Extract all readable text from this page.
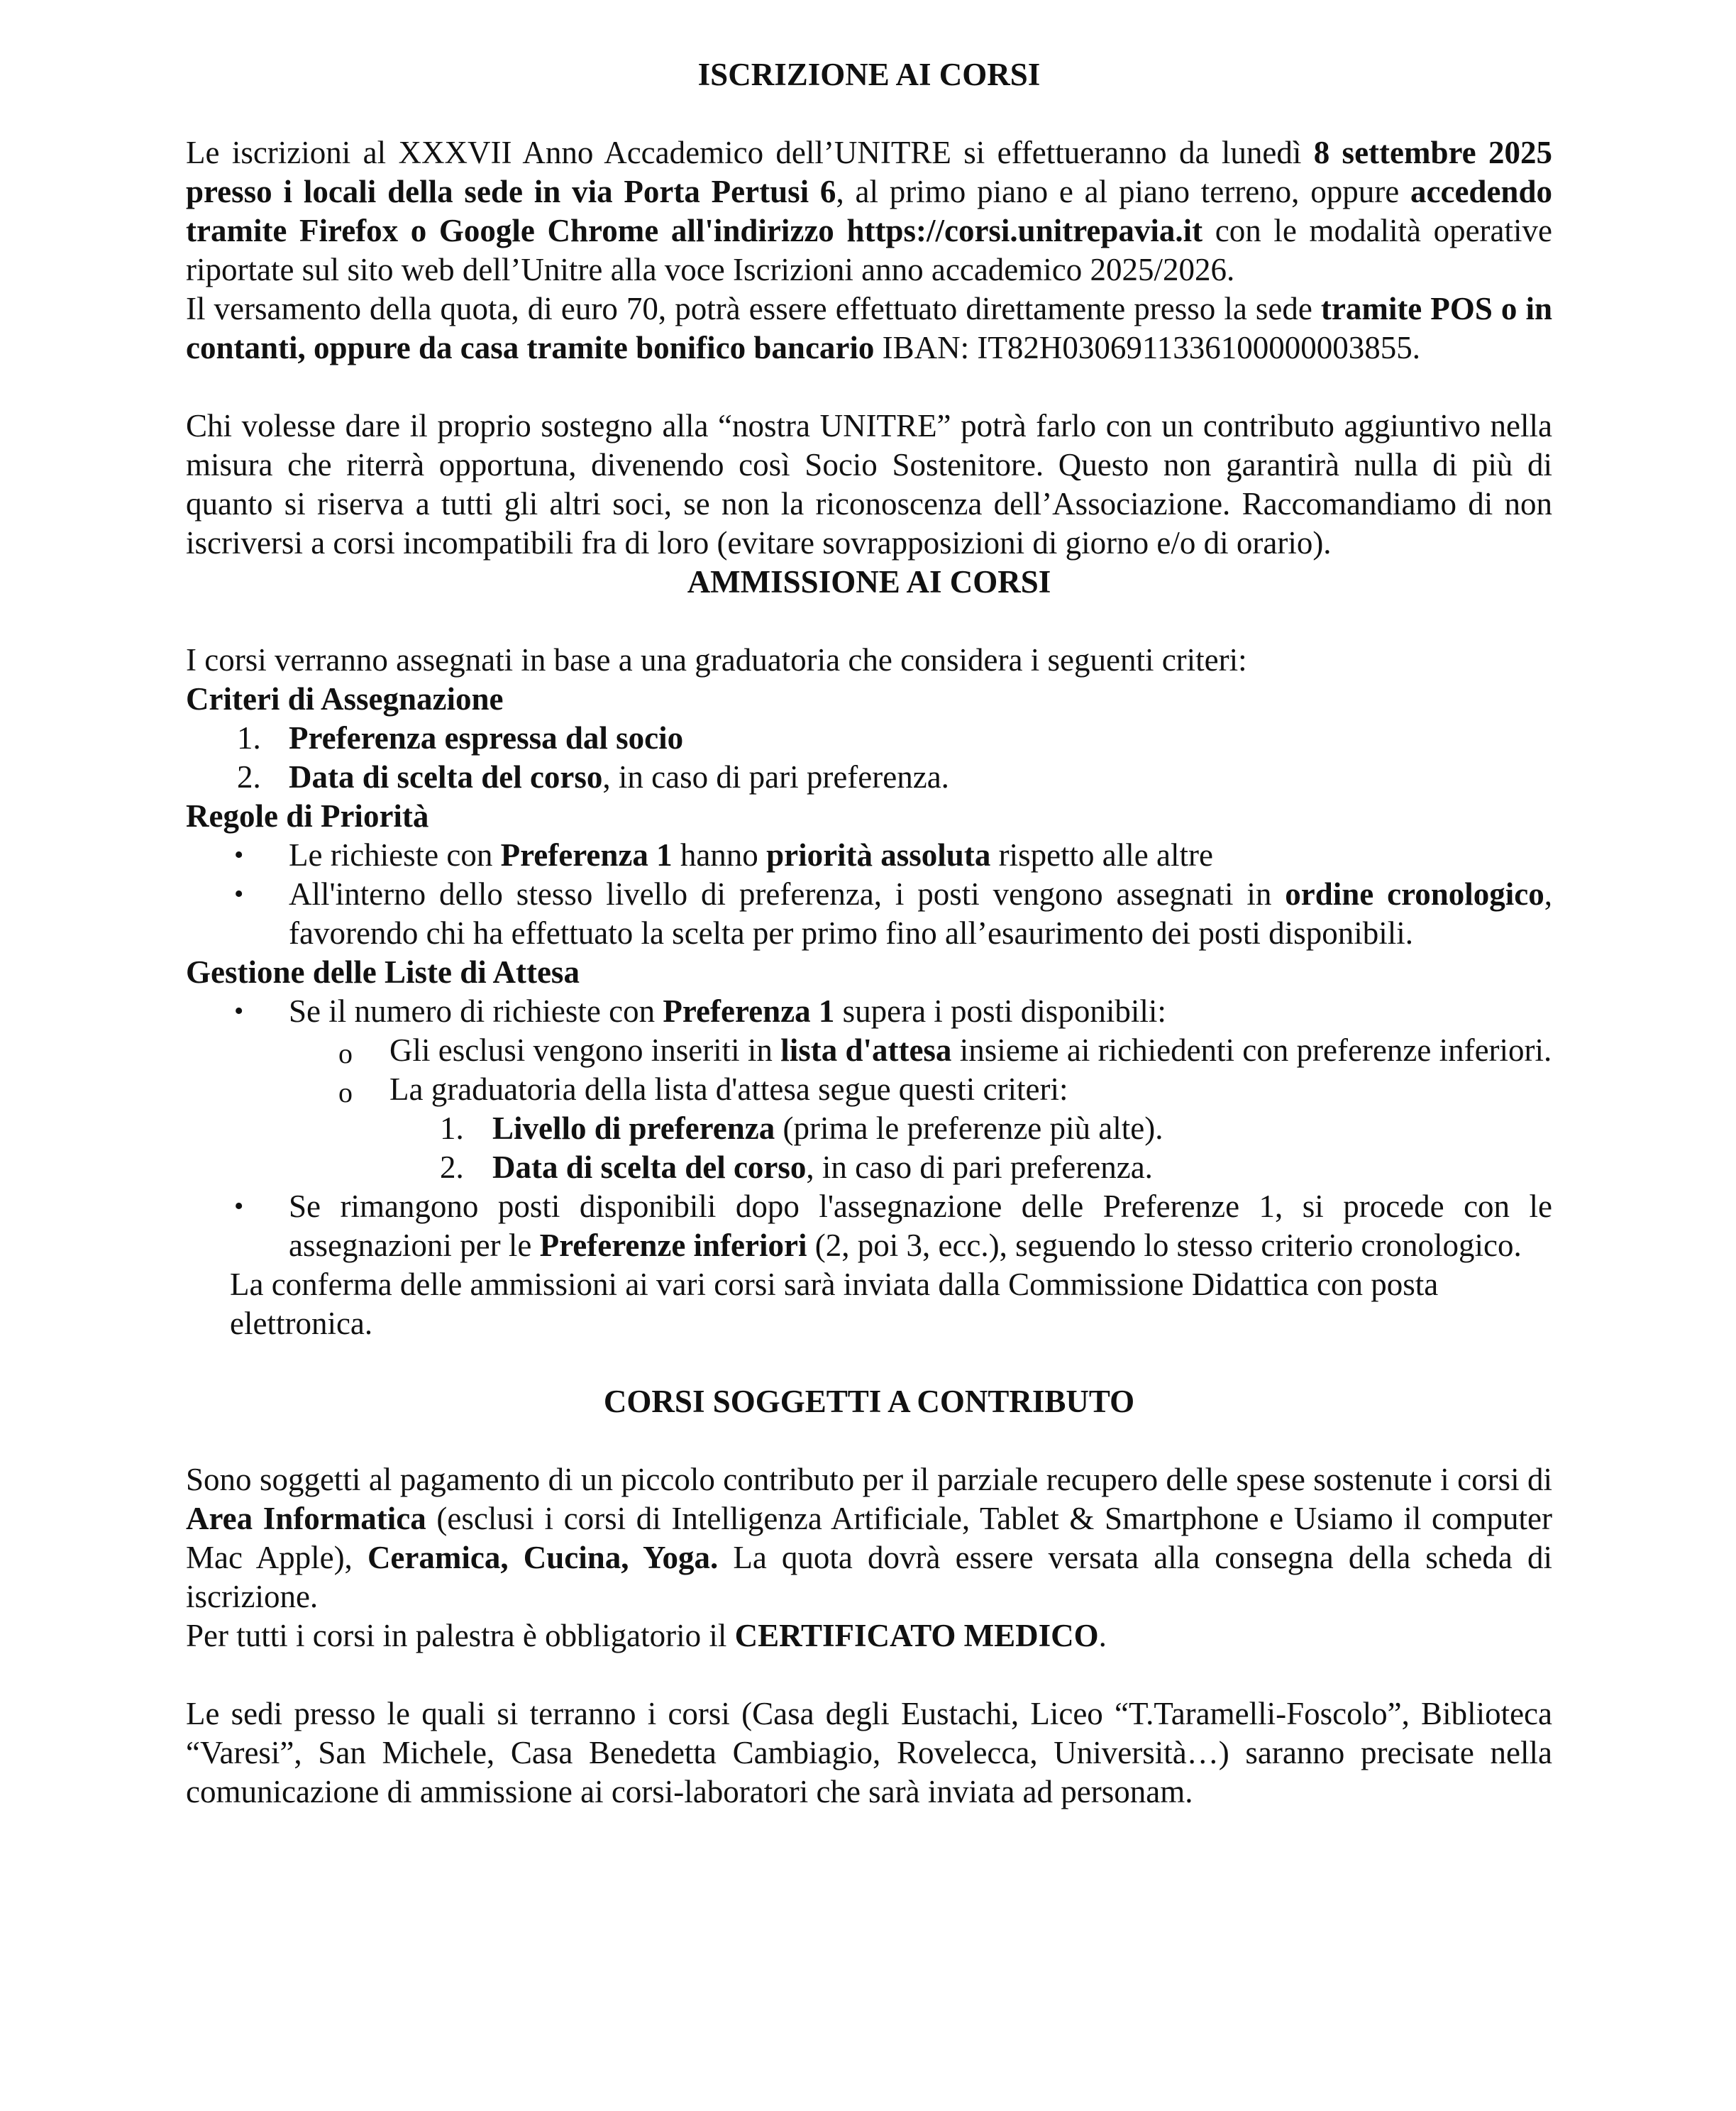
ISCRIZIONE AI CORSI

Le iscrizioni al XXXVII Anno Accademico dell’UNITRE si effettueranno da lunedì 8 settembre 2025 presso i locali della sede in via Porta Pertusi 6, al primo piano e al piano terreno, oppure accedendo tramite Firefox o Google Chrome all'indirizzo https://corsi.unitrepavia.it con le modalità operative riportate sul sito web dell’Unitre alla voce Iscrizioni anno accademico 2025/2026.

Il versamento della quota, di euro 70, potrà essere effettuato direttamente presso la sede tramite POS o in contanti, oppure da casa tramite bonifico bancario IBAN: IT82H0306911336100000003855.

Chi volesse dare il proprio sostegno alla “nostra UNITRE” potrà farlo con un contributo aggiuntivo nella misura che riterrà opportuna, divenendo così Socio Sostenitore. Questo non garantirà nulla di più di quanto si riserva a tutti gli altri soci, se non la riconoscenza dell’Associazione. Raccomandiamo di non iscriversi a corsi incompatibili fra di loro (evitare sovrapposizioni di giorno e/o di orario).

AMMISSIONE AI CORSI

I corsi verranno assegnati in base a una graduatoria che considera i seguenti criteri:

Criteri di Assegnazione

1. Preferenza espressa dal socio
2. Data di scelta del corso, in caso di pari preferenza.

Regole di Priorità

• Le richieste con Preferenza 1 hanno priorità assoluta rispetto alle altre
• All'interno dello stesso livello di preferenza, i posti vengono assegnati in ordine cronologico, favorendo chi ha effettuato la scelta per primo fino all’esaurimento dei posti disponibili.

Gestione delle Liste di Attesa

• Se il numero di richieste con Preferenza 1 supera i posti disponibili:
o Gli esclusi vengono inseriti in lista d'attesa insieme ai richiedenti con preferenze inferiori.
o La graduatoria della lista d'attesa segue questi criteri:
1. Livello di preferenza (prima le preferenze più alte).
2. Data di scelta del corso, in caso di pari preferenza.
• Se rimangono posti disponibili dopo l'assegnazione delle Preferenze 1, si procede con le assegnazioni per le Preferenze inferiori (2, poi 3, ecc.), seguendo lo stesso criterio cronologico.

La conferma delle ammissioni ai vari corsi sarà inviata dalla Commissione Didattica con posta elettronica.

CORSI SOGGETTI A CONTRIBUTO

Sono soggetti al pagamento di un piccolo contributo per il parziale recupero delle spese sostenute i corsi di Area Informatica (esclusi i corsi di Intelligenza Artificiale, Tablet & Smartphone e Usiamo il computer Mac Apple), Ceramica, Cucina, Yoga. La quota dovrà essere versata alla consegna della scheda di iscrizione.

Per tutti i corsi in palestra è obbligatorio il CERTIFICATO MEDICO.

Le sedi presso le quali si terranno i corsi (Casa degli Eustachi, Liceo “T.Taramelli-Foscolo”, Biblioteca “Varesi”, San Michele, Casa Benedetta Cambiagio, Rovelecca, Università…) saranno precisate nella comunicazione di ammissione ai corsi-laboratori che sarà inviata ad personam.
